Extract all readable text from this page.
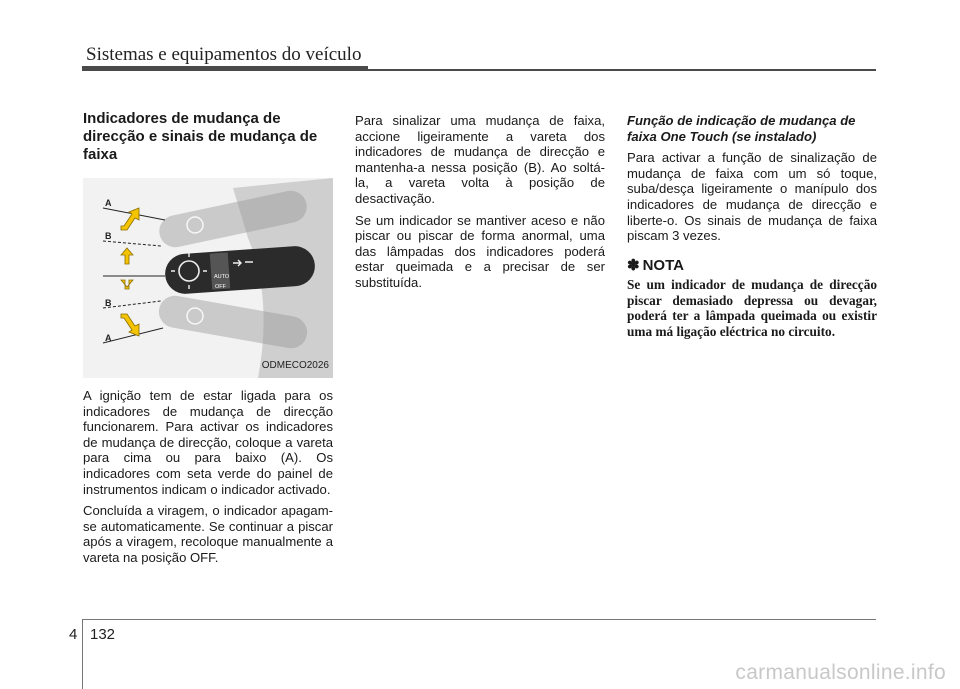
Sistemas e equipamentos do veículo
Indicadores de mudança de direcção e sinais de mudança de faixa
AUTO
OFF
A
B
B
A
ODMECO2026

A ignição tem de estar ligada para os indicadores de mudança de direcção funcionarem. Para activar os indicadores de mudança de direcção, coloque a vareta para cima ou para baixo (A). Os indicadores com seta verde do painel de instrumentos indicam o indicador activado.

Concluída a viragem, o indicador apagam-se automaticamente. Se continuar a piscar após a viragem, recoloque manualmente a vareta na posição OFF.

Para sinalizar uma mudança de faixa, accione ligeiramente a vareta dos indicadores de mudança de direcção e mantenha-a nessa posição (B). Ao soltá-la, a vareta volta à posição de desactivação.

Se um indicador se mantiver aceso e não piscar ou piscar de forma anormal, uma das lâmpadas dos indicadores poderá estar queimada e a precisar de ser substituída.

Função de indicação de mudança de faixa One Touch (se instalado)

Para activar a função de sinalização de mudança de faixa com um só toque, suba/desça ligeiramente o manípulo dos indicadores de mudança de direcção e liberte-o. Os sinais de mudança de faixa piscam 3 vezes.

✽ NOTA

Se um indicador de mudança de direcção piscar demasiado depressa ou devagar, poderá ter a lâmpada queimada ou existir uma má ligação eléctrica no circuito.

4 132
carmanualsonline.info
